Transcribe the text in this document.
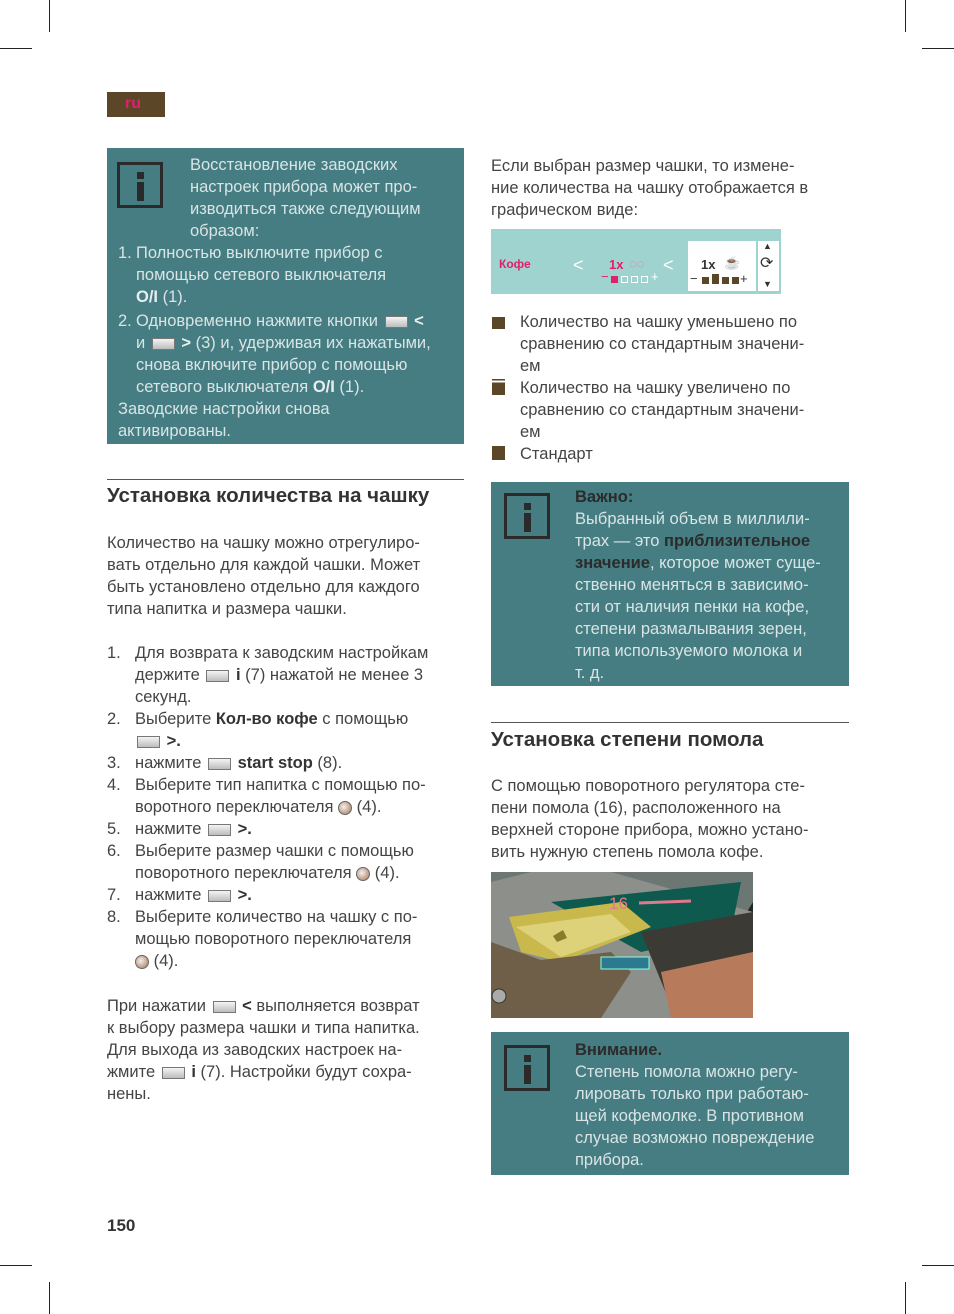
ru
Восстановление заводских
настроек прибора может про-
изводиться также следующим
образом:
1. Полностью выключите прибор с
помощью сетевого выключателя
O/I (1).
2. Одновременно нажмите кнопки <
и > (3) и, удерживая их нажатыми,
снова включите прибор с помощью
сетевого выключателя O/I (1).
Заводские настройки снова
активированы.
Установка количества на чашку
Количество на чашку можно отрегулиро-
вать отдельно для каждой чашки. Может
быть установлено отдельно для каждого
типа напитка и размера чашки.
1. Для возврата к заводским настройкам
держите i (7) нажатой не менее 3
секунд.
2. Выберите Кол-во кофе с помощью
>.
3. нажмите start stop (8).
4. Выберите тип напитка с помощью по-
воротного переключателя  (4).
5. нажмите >.
6. Выберите размер чашки с помощью
поворотного переключателя  (4).
7. нажмите >.
8. Выберите количество на чашку с по-
мощью поворотного переключателя
(4).
При нажатии < выполняется возврат
к выбору размера чашки и типа напитка.
Для выхода из заводских настроек на-
жмите i (7). Настройки будут сохра-
нены.
Если выбран размер чашки, то измене-
ние количества на чашку отображается в
графическом виде:
Кофе < 1x ◌◌
−	+
< 1x ☕
−	+
▲
⟳
▼
Количество на чашку уменьшено по
сравнению со стандартным значени-
ем
Количество на чашку увеличено по
сравнению со стандартным значени-
ем
Стандарт
Важно:
Выбранный объем в миллили-
трах — это приблизительное
значение, которое может суще-
ственно меняться в зависимо-
сти от наличия пенки на кофе,
степени размалывания зерен,
типа используемого молока и
т. д.
Установка степени помола
С помощью поворотного регулятора сте-
пени помола (16), расположенного на
верхней стороне прибора, можно устано-
вить нужную степень помола кофе.
16
Внимание.
Степень помола можно регу-
лировать только при работаю-
щей кофемолке. В противном
случае возможно повреждение
прибора.
150
